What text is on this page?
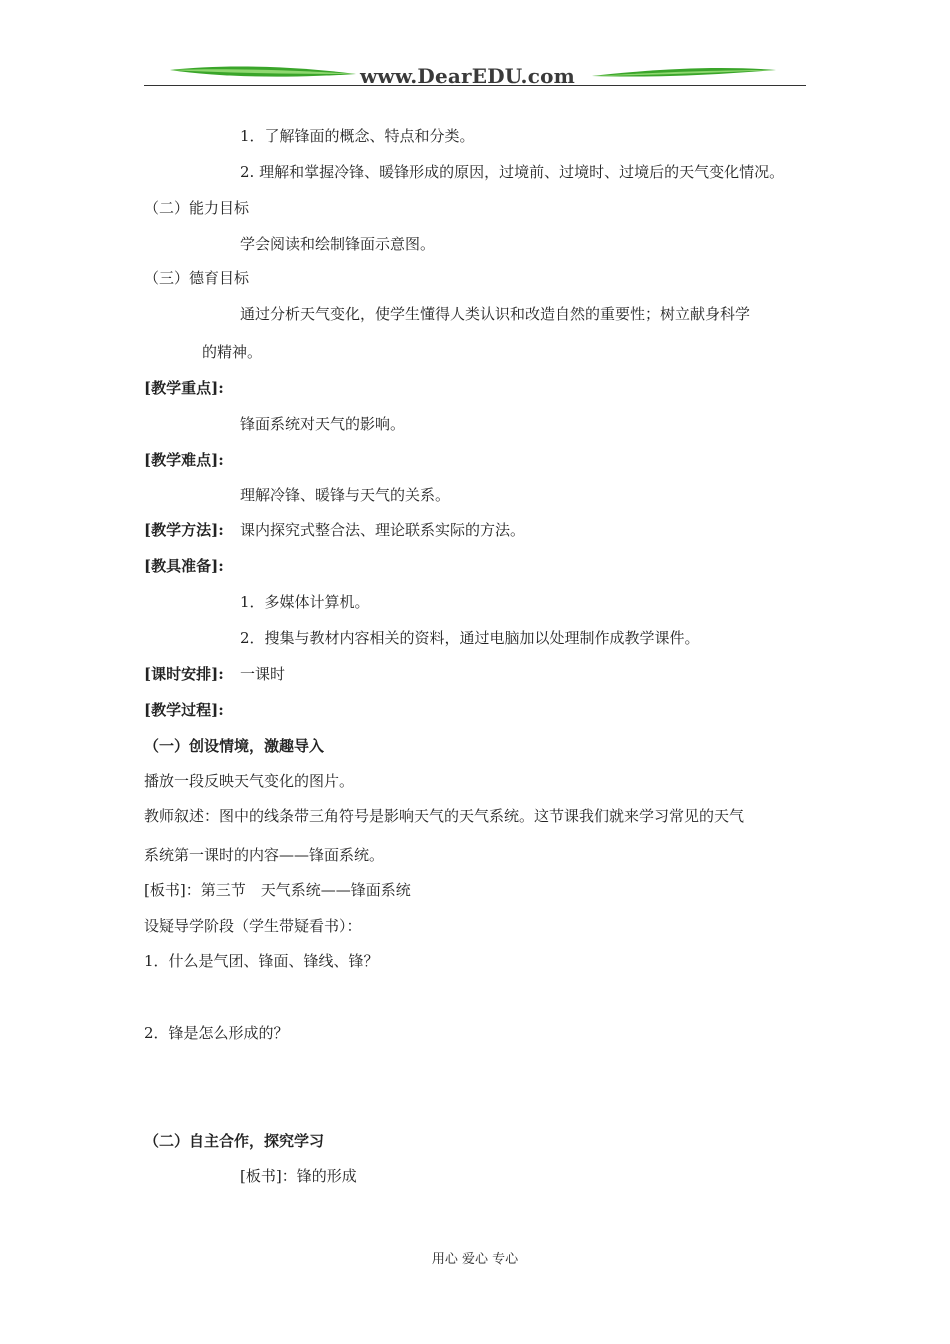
www.DearEDU.com
1．了解锋面的概念、特点和分类。
2. 理解和掌握冷锋、暖锋形成的原因，过境前、过境时、过境后的天气变化情况。
（二）能力目标
学会阅读和绘制锋面示意图。
（三）德育目标
通过分析天气变化，使学生懂得人类认识和改造自然的重要性；树立献身科学
的精神。
[教学重点]:
锋面系统对天气的影响。
[教学难点]:
理解冷锋、暖锋与天气的关系。
[教学方法]: 课内探究式整合法、理论联系实际的方法。
[教具准备]:
1．多媒体计算机。
2．搜集与教材内容相关的资料，通过电脑加以处理制作成教学课件。
[课时安排]: 一课时
[教学过程]:
（一）创设情境，激趣导入
播放一段反映天气变化的图片。
教师叙述：图中的线条带三角符号是影响天气的天气系统。这节课我们就来学习常见的天气
系统第一课时的内容——锋面系统。
[板书]：第三节　天气系统——锋面系统
设疑导学阶段（学生带疑看书）：
1．什么是气团、锋面、锋线、锋？
2．锋是怎么形成的？
（二）自主合作，探究学习
[板书]：锋的形成
用心 爱心 专心
